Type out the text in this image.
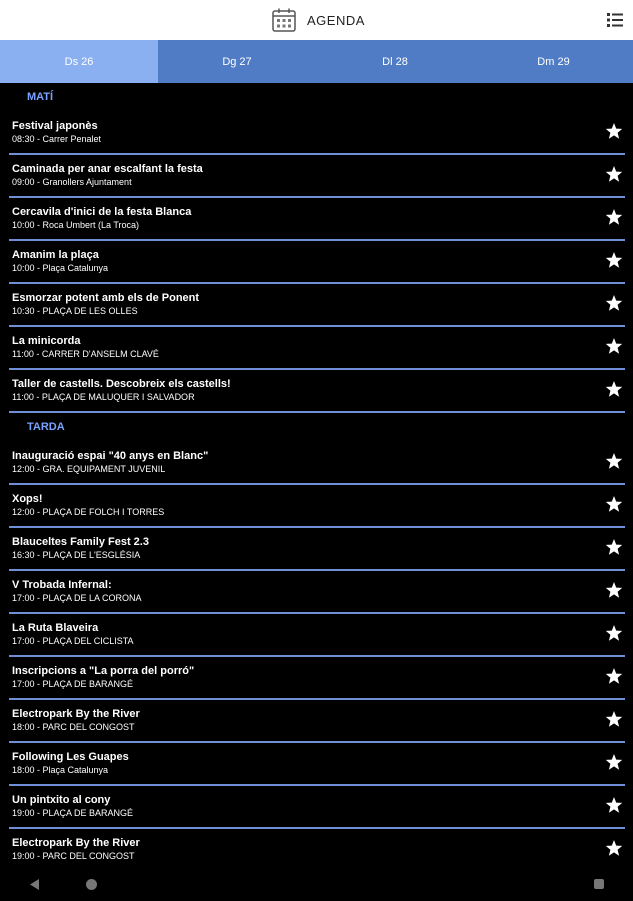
AGENDA
Ds 26	Dg 27	Dl 28	Dm 29
MATÍ
Festival japonès
08:30 - Carrer Penalet
Caminada per anar escalfant la festa
09:00 - Granollers Ajuntament
Cercavila d'inici de la festa Blanca
10:00 - Roca Umbert (La Troca)
Amanim la plaça
10:00 - Plaça Catalunya
Esmorzar potent amb els de Ponent
10:30 - PLAÇA DE LES OLLES
La minicorda
11:00 - CARRER D'ANSELM CLAVÉ
Taller de castells. Descobreix els castells!
11:00 - PLAÇA DE MALUQUER I SALVADOR
TARDA
Inauguració espai "40 anys en Blanc"
12:00 - GRA. EQUIPAMENT JUVENIL
Xops!
12:00 - PLAÇA DE FOLCH I TORRES
Blauceltes Family Fest 2.3
16:30 - PLAÇA DE L'ESGLÉSIA
V Trobada Infernal:
17:00 - PLAÇA DE LA CORONA
La Ruta Blaveira
17:00 - PLAÇA DEL CICLISTA
Inscripcions a "La porra del porró"
17:00 - PLAÇA DE BARANGÉ
Electropark By the River
18:00 - PARC DEL CONGOST
Following Les Guapes
18:00 - Plaça Catalunya
Un pintxito al cony
19:00 - PLAÇA DE BARANGÉ
Electropark By the River
19:00 - PARC DEL CONGOST
